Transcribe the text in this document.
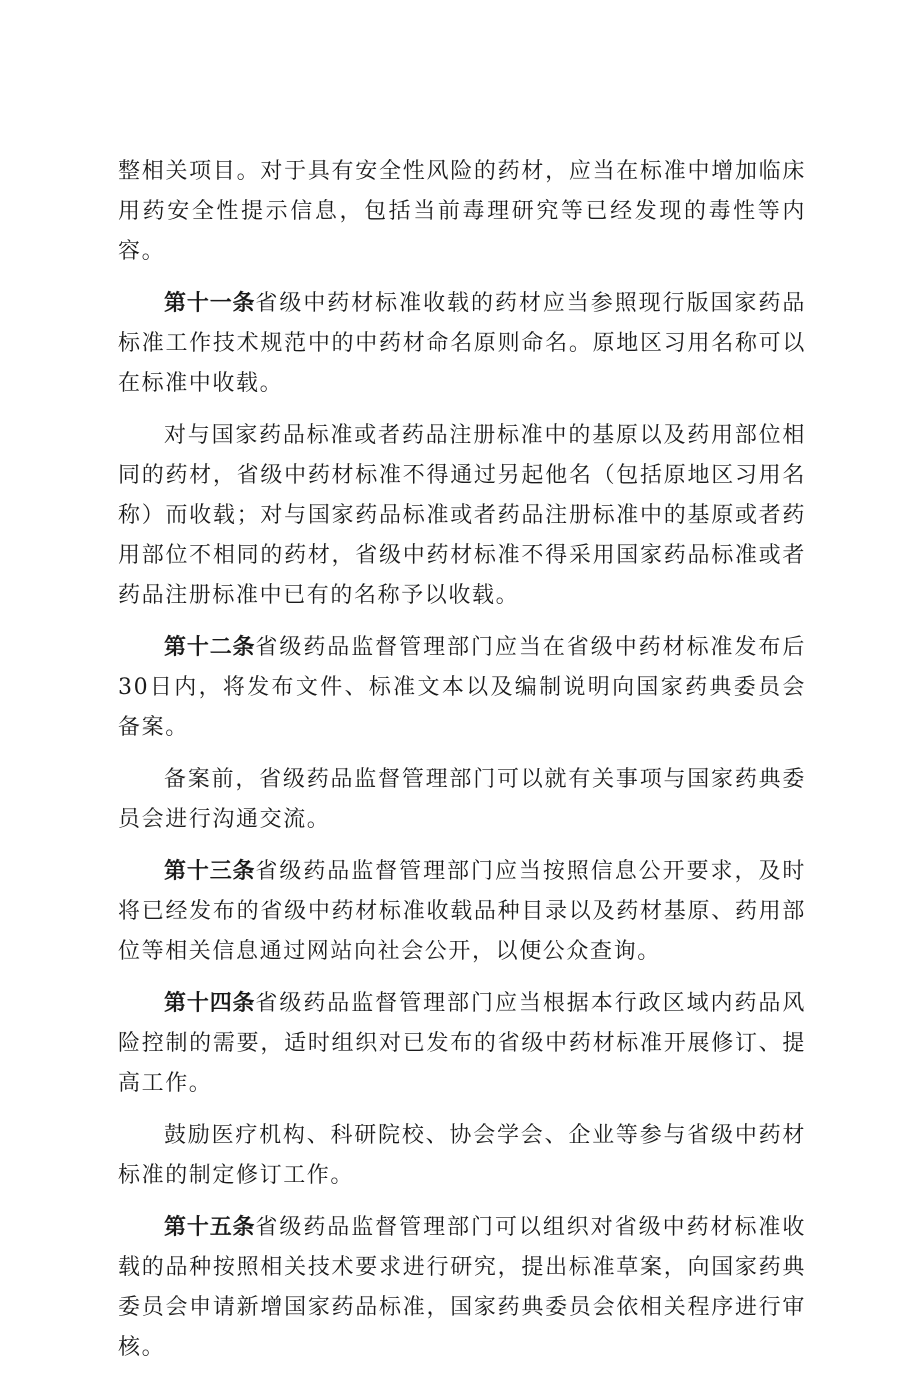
整相关项目。对于具有安全性风险的药材，应当在标准中增加临床用药安全性提示信息，包括当前毒理研究等已经发现的毒性等内容。

第十一条省级中药材标准收载的药材应当参照现行版国家药品标准工作技术规范中的中药材命名原则命名。原地区习用名称可以在标准中收载。

对与国家药品标准或者药品注册标准中的基原以及药用部位相同的药材，省级中药材标准不得通过另起他名（包括原地区习用名称）而收载；对与国家药品标准或者药品注册标准中的基原或者药用部位不相同的药材，省级中药材标准不得采用国家药品标准或者药品注册标准中已有的名称予以收载。

第十二条省级药品监督管理部门应当在省级中药材标准发布后30日内，将发布文件、标准文本以及编制说明向国家药典委员会备案。

备案前，省级药品监督管理部门可以就有关事项与国家药典委员会进行沟通交流。

第十三条省级药品监督管理部门应当按照信息公开要求，及时将已经发布的省级中药材标准收载品种目录以及药材基原、药用部位等相关信息通过网站向社会公开，以便公众查询。

第十四条省级药品监督管理部门应当根据本行政区域内药品风险控制的需要，适时组织对已发布的省级中药材标准开展修订、提高工作。

鼓励医疗机构、科研院校、协会学会、企业等参与省级中药材标准的制定修订工作。

第十五条省级药品监督管理部门可以组织对省级中药材标准收载的品种按照相关技术要求进行研究，提出标准草案，向国家药典委员会申请新增国家药品标准，国家药典委员会依相关程序进行审核。
